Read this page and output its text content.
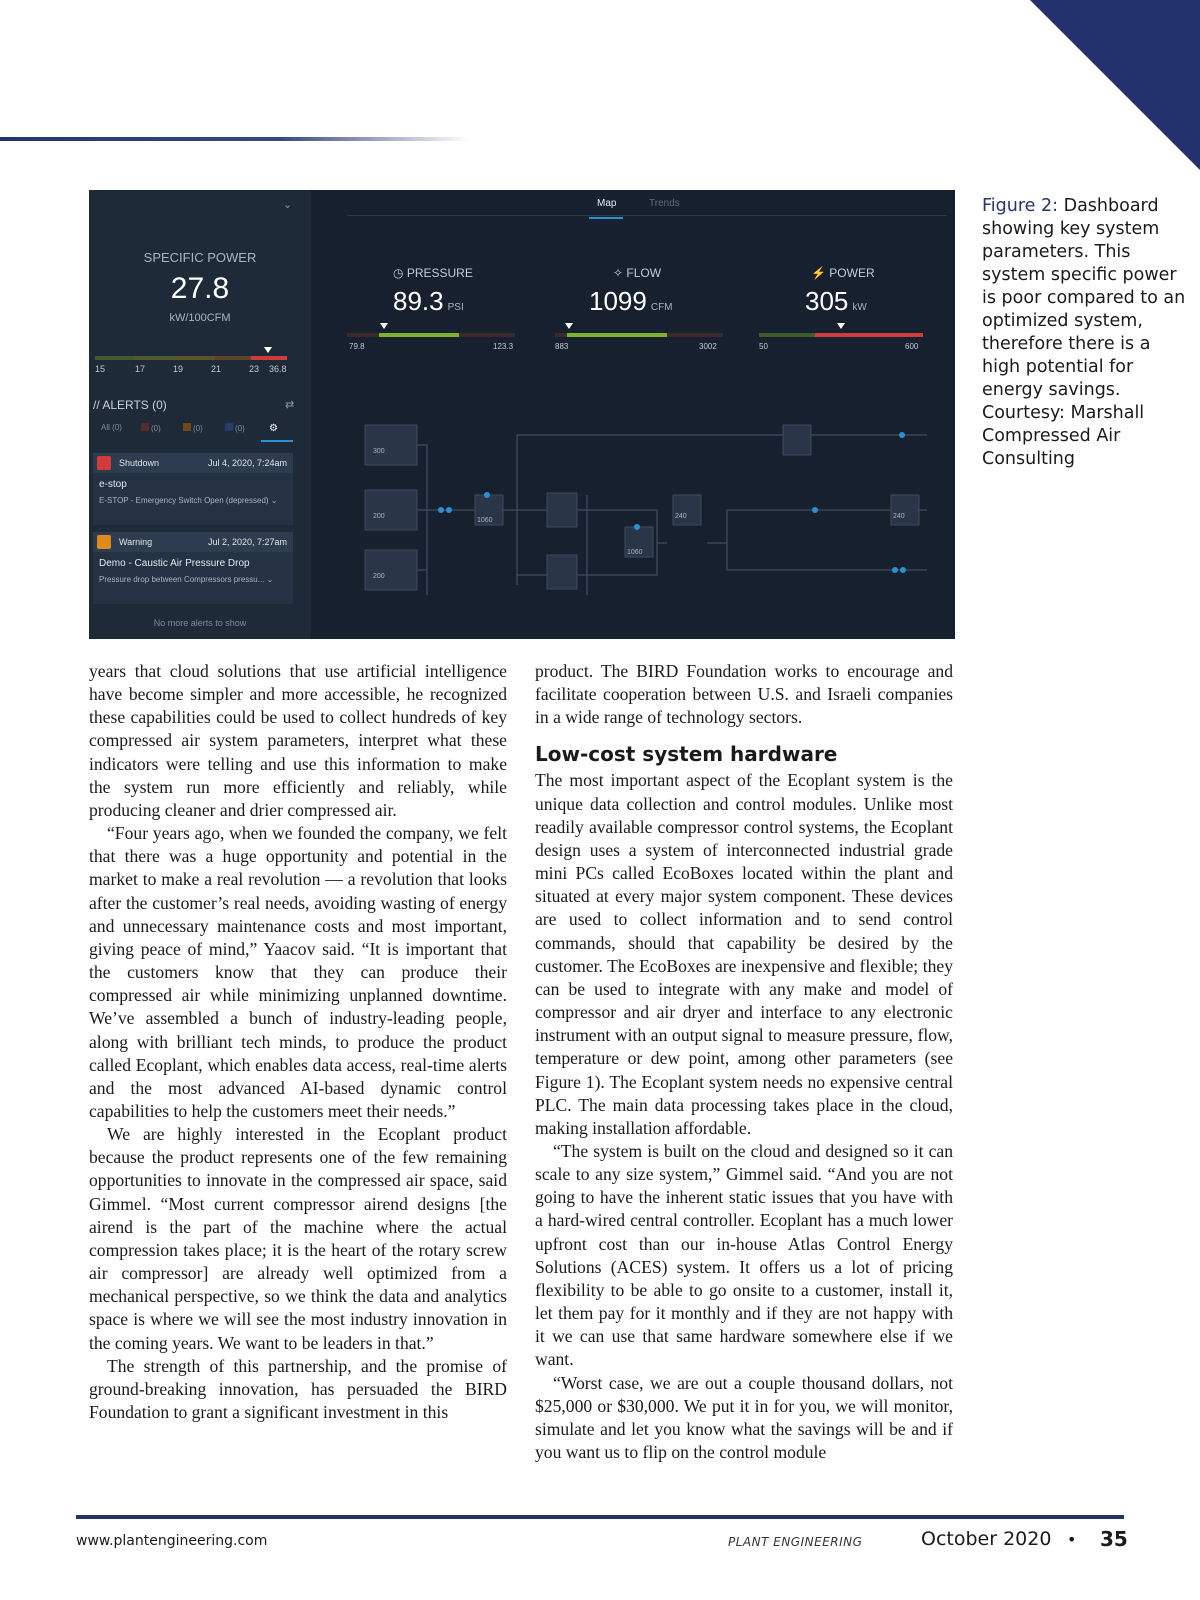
⌄
SPECIFIC POWER
27.8
kW/100CFM
15	17	19	21	23 36.8
// ALERTS (0)	⇄
All (0)	(0)	(0)	(0) ⚙
Shutdown	Jul 4, 2020, 7:24am
e-stop
E-STOP - Emergency Switch Open (depressed) ⌄
Warning	Jul 2, 2020, 7:27am
Demo - Caustic Air Pressure Drop
Pressure drop between Compressors pressu... ⌄
No more alerts to show
Map	Trends
◷ PRESSURE
89.3 PSI
79.8	123.3
✧ FLOW
1099 CFM
883	3002
⚡ POWER
305 kW
50	600
300
200
200
1060
1060
240	240
Figure 2: Dashboard showing key system parameters. This system specific power is poor compared to an optimized system, therefore there is a high potential for energy savings. Courtesy: Marshall Compressed Air Consulting

years that cloud solutions that use artificial intelligence have become simpler and more accessible, he recognized these capabilities could be used to collect hundreds of key compressed air system parameters, interpret what these indicators were telling and use this information to make the system run more efficiently and reliably, while producing cleaner and drier compressed air.

“Four years ago, when we founded the company, we felt that there was a huge opportunity and potential in the market to make a real revolution — a revolution that looks after the customer’s real needs, avoiding wasting of energy and unnecessary maintenance costs and most important, giving peace of mind,” Yaacov said. “It is important that the customers know that they can produce their compressed air while minimizing unplanned downtime. We’ve assembled a bunch of industry-leading people, along with brilliant tech minds, to produce the product called Ecoplant, which enables data access, real-time alerts and the most advanced AI-based dynamic control capabilities to help the customers meet their needs.”

We are highly interested in the Ecoplant product because the product represents one of the few remaining opportunities to innovate in the compressed air space, said Gimmel. “Most current compressor airend designs [the airend is the part of the machine where the actual compression takes place; it is the heart of the rotary screw air compressor] are already well optimized from a mechanical perspective, so we think the data and analytics space is where we will see the most industry innovation in the coming years. We want to be leaders in that.”

The strength of this partnership, and the promise of ground-breaking innovation, has persuaded the BIRD Foundation to grant a significant investment in this

product. The BIRD Foundation works to encourage and facilitate cooperation between U.S. and Israeli companies in a wide range of technology sectors.

Low-cost system hardware

The most important aspect of the Ecoplant system is the unique data collection and control modules. Unlike most readily available compressor control systems, the Ecoplant design uses a system of interconnected industrial grade mini PCs called EcoBoxes located within the plant and situated at every major system component. These devices are used to collect information and to send control commands, should that capability be desired by the customer. The EcoBoxes are inexpensive and flexible; they can be used to integrate with any make and model of compressor and air dryer and interface to any electronic instrument with an output signal to measure pressure, flow, temperature or dew point, among other parameters (see Figure 1). The Ecoplant system needs no expensive central PLC. The main data processing takes place in the cloud, making installation affordable.

“The system is built on the cloud and designed so it can scale to any size system,” Gimmel said. “And you are not going to have the inherent static issues that you have with a hard-wired central controller. Ecoplant has a much lower upfront cost than our in-house Atlas Control Energy Solutions (ACES) system. It offers us a lot of pricing flexibility to be able to go onsite to a customer, install it, let them pay for it monthly and if they are not happy with it we can use that same hardware somewhere else if we want.

“Worst case, we are out a couple thousand dollars, not $25,000 or $30,000. We put it in for you, we will monitor, simulate and let you know what the savings will be and if you want us to flip on the control module

www.plantengineering.com	PLANT ENGINEERING	October 2020 • 35
